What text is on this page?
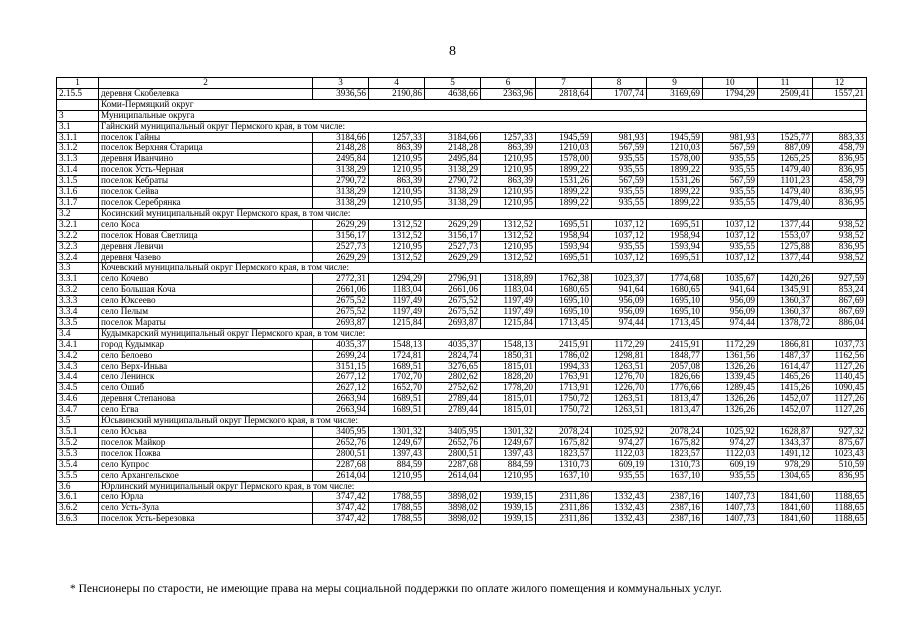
8
1	2	3	4	5	6	7	8	9	10	11	12
2.15.5	деревня Скобелевка	3936,56	2190,86	4638,66	2363,96	2818,64	1707,74	3169,69	1794,29	2509,41	1557,21
	Коми-Пермяцкий округ										
3	Муниципальные округа										
3.1	Гайнский муниципальный округ Пермского края, в том числе:										
3.1.1	поселок Гайны	3184,66	1257,33	3184,66	1257,33	1945,59	981,93	1945,59	981,93	1525,77	883,33
3.1.2	поселок Верхняя Старица	2148,28	863,39	2148,28	863,39	1210,03	567,59	1210,03	567,59	887,09	458,79
3.1.3	деревня Иванчино	2495,84	1210,95	2495,84	1210,95	1578,00	935,55	1578,00	935,55	1265,25	836,95
3.1.4	поселок Усть-Черная	3138,29	1210,95	3138,29	1210,95	1899,22	935,55	1899,22	935,55	1479,40	836,95
3.1.5	поселок Кебраты	2790,72	863,39	2790,72	863,39	1531,26	567,59	1531,26	567,59	1101,23	458,79
3.1.6	поселок Сейва	3138,29	1210,95	3138,29	1210,95	1899,22	935,55	1899,22	935,55	1479,40	836,95
3.1.7	поселок Серебрянка	3138,29	1210,95	3138,29	1210,95	1899,22	935,55	1899,22	935,55	1479,40	836,95
3.2	Косинский муниципальный округ Пермского края, в том числе:										
3.2.1	село Коса	2629,29	1312,52	2629,29	1312,52	1695,51	1037,12	1695,51	1037,12	1377,44	938,52
3.2.2	поселок Новая Светлица	3156,17	1312,52	3156,17	1312,52	1958,94	1037,12	1958,94	1037,12	1553,07	938,52
3.2.3	деревня Левичи	2527,73	1210,95	2527,73	1210,95	1593,94	935,55	1593,94	935,55	1275,88	836,95
3.2.4	деревня Чазево	2629,29	1312,52	2629,29	1312,52	1695,51	1037,12	1695,51	1037,12	1377,44	938,52
3.3	Кочевский муниципальный округ Пермского края, в том числе:										
3.3.1	село Кочево	2772,31	1294,29	2796,91	1318,89	1762,38	1023,37	1774,68	1035,67	1420,26	927,59
3.3.2	село Большая Коча	2661,06	1183,04	2661,06	1183,04	1680,65	941,64	1680,65	941,64	1345,91	853,24
3.3.3	село Юксеево	2675,52	1197,49	2675,52	1197,49	1695,10	956,09	1695,10	956,09	1360,37	867,69
3.3.4	село Пелым	2675,52	1197,49	2675,52	1197,49	1695,10	956,09	1695,10	956,09	1360,37	867,69
3.3.5	поселок Мараты	2693,87	1215,84	2693,87	1215,84	1713,45	974,44	1713,45	974,44	1378,72	886,04
3.4	Кудымкарский муниципальный округ Пермского края, в том числе:										
3.4.1	город Кудымкар	4035,37	1548,13	4035,37	1548,13	2415,91	1172,29	2415,91	1172,29	1866,81	1037,73
3.4.2	село Белоево	2699,24	1724,81	2824,74	1850,31	1786,02	1298,81	1848,77	1361,56	1487,37	1162,56
3.4.3	село Верх-Иньва	3151,15	1689,51	3276,65	1815,01	1994,33	1263,51	2057,08	1326,26	1614,47	1127,26
3.4.4	село Ленинск	2677,12	1702,70	2802,62	1828,20	1763,91	1276,70	1826,66	1339,45	1465,26	1140,45
3.4.5	село Ошиб	2627,12	1652,70	2752,62	1778,20	1713,91	1226,70	1776,66	1289,45	1415,26	1090,45
3.4.6	деревня Степанова	2663,94	1689,51	2789,44	1815,01	1750,72	1263,51	1813,47	1326,26	1452,07	1127,26
3.4.7	село Егва	2663,94	1689,51	2789,44	1815,01	1750,72	1263,51	1813,47	1326,26	1452,07	1127,26
3.5	Юсьвинский муниципальный округ Пермского края, в том числе:										
3.5.1	село Юсьва	3405,95	1301,32	3405,95	1301,32	2078,24	1025,92	2078,24	1025,92	1628,87	927,32
3.5.2	поселок Майкор	2652,76	1249,67	2652,76	1249,67	1675,82	974,27	1675,82	974,27	1343,37	875,67
3.5.3	поселок Пожва	2800,51	1397,43	2800,51	1397,43	1823,57	1122,03	1823,57	1122,03	1491,12	1023,43
3.5.4	село Купрос	2287,68	884,59	2287,68	884,59	1310,73	609,19	1310,73	609,19	978,29	510,59
3.5.5	село Архангельское	2614,04	1210,95	2614,04	1210,95	1637,10	935,55	1637,10	935,55	1304,65	836,95
3.6	Юрлинский муниципальный округ Пермского края, в том числе:										
3.6.1	село Юрла	3747,42	1788,55	3898,02	1939,15	2311,86	1332,43	2387,16	1407,73	1841,60	1188,65
3.6.2	село Усть-Зула	3747,42	1788,55	3898,02	1939,15	2311,86	1332,43	2387,16	1407,73	1841,60	1188,65
3.6.3	поселок Усть-Березовка	3747,42	1788,55	3898,02	1939,15	2311,86	1332,43	2387,16	1407,73	1841,60	1188,65
* Пенсионеры по старости, не имеющие права на меры социальной поддержки по оплате жилого помещения и коммунальных услуг.
